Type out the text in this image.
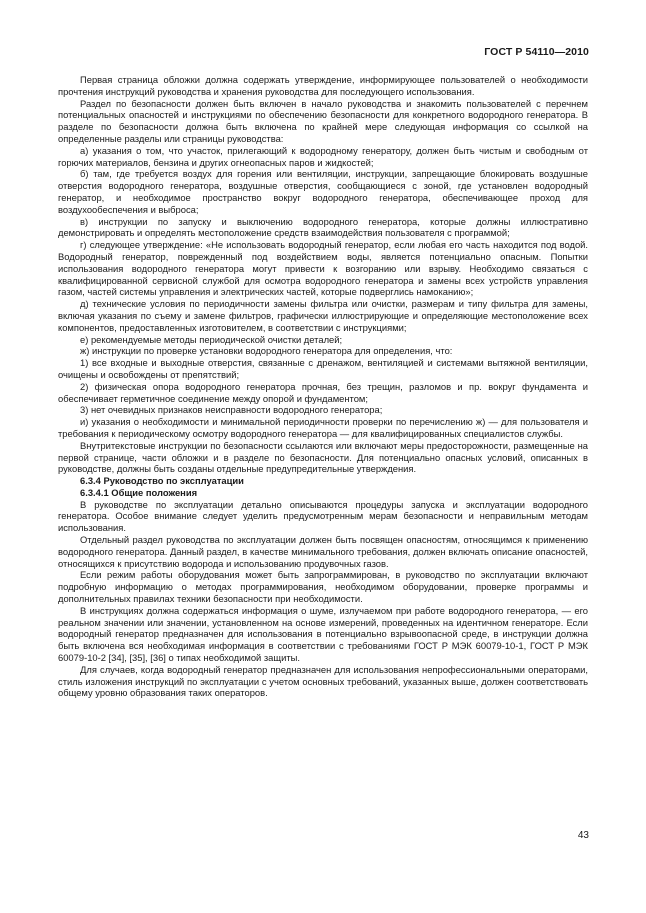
ГОСТ Р 54110—2010

Первая страница обложки должна содержать утверждение, информирующее пользователей о необходимости прочтения инструкций руководства и хранения руководства для последующего использования.

Раздел по безопасности должен быть включен в начало руководства и знакомить пользователей с перечнем потенциальных опасностей и инструкциями по обеспечению безопасности для конкретного водородного генератора. В разделе по безопасности должна быть включена по крайней мере следующая информация со ссылкой на определенные разделы или страницы руководства:

а) указания о том, что участок, прилегающий к водородному генератору, должен быть чистым и свободным от горючих материалов, бензина и других огнеопасных паров и жидкостей;

б) там, где требуется воздух для горения или вентиляции, инструкции, запрещающие блокировать воздушные отверстия водородного генератора, воздушные отверстия, сообщающиеся с зоной, где установлен водородный генератор, и необходимое пространство вокруг водородного генератора, обеспечивающее проход для воздухообеспечения и выброса;

в) инструкции по запуску и выключению водородного генератора, которые должны иллюстративно демонстрировать и определять местоположение средств взаимодействия пользователя с программой;

г) следующее утверждение: «Не использовать водородный генератор, если любая его часть находится под водой. Водородный генератор, поврежденный под воздействием воды, является потенциально опасным. Попытки использования водородного генератора могут привести к возгоранию или взрыву. Необходимо связаться с квалифицированной сервисной службой для осмотра водородного генератора и замены всех устройств управления газом, частей системы управления и электрических частей, которые подверглись намоканию»;

д) технические условия по периодичности замены фильтра или очистки, размерам и типу фильтра для замены, включая указания по съему и замене фильтров, графически иллюстрирующие и определяющие местоположение всех компонентов, предоставленных изготовителем, в соответствии с инструкциями;

е) рекомендуемые методы периодической очистки деталей;

ж) инструкции по проверке установки водородного генератора для определения, что:

1) все входные и выходные отверстия, связанные с дренажом, вентиляцией и системами вытяжной вентиляции, очищены и освобождены от препятствий;

2) физическая опора водородного генератора прочная, без трещин, разломов и пр. вокруг фундамента и обеспечивает герметичное соединение между опорой и фундаментом;

3) нет очевидных признаков неисправности водородного генератора;

и) указания о необходимости и минимальной периодичности проверки по перечислению ж) — для пользователя и требования к периодическому осмотру водородного генератора — для квалифицированных специалистов службы.

Внутритекстовые инструкции по безопасности ссылаются или включают меры предосторожности, размещенные на первой странице, части обложки и в разделе по безопасности. Для потенциально опасных условий, описанных в руководстве, должны быть созданы отдельные предупредительные утверждения.

6.3.4 Руководство по эксплуатации

6.3.4.1 Общие положения

В руководстве по эксплуатации детально описываются процедуры запуска и эксплуатации водородного генератора. Особое внимание следует уделить предусмотренным мерам безопасности и неправильным методам использования.

Отдельный раздел руководства по эксплуатации должен быть посвящен опасностям, относящимся к применению водородного генератора. Данный раздел, в качестве минимального требования, должен включать описание опасностей, относящихся к присутствию водорода и использованию продувочных газов.

Если режим работы оборудования может быть запрограммирован, в руководство по эксплуатации включают подробную информацию о методах программирования, необходимом оборудовании, проверке программы и дополнительных правилах техники безопасности при необходимости.

В инструкциях должна содержаться информация о шуме, излучаемом при работе водородного генератора, — его реальном значении или значении, установленном на основе измерений, проведенных на идентичном генераторе. Если водородный генератор предназначен для использования в потенциально взрывоопасной среде, в инструкции должна быть включена вся необходимая информация в соответствии с требованиями ГОСТ Р МЭК 60079-10-1, ГОСТ Р МЭК 60079-10-2 [34], [35], [36] о типах необходимой защиты.

Для случаев, когда водородный генератор предназначен для использования непрофессиональными операторами, стиль изложения инструкций по эксплуатации с учетом основных требований, указанных выше, должен соответствовать общему уровню образования таких операторов.

43
